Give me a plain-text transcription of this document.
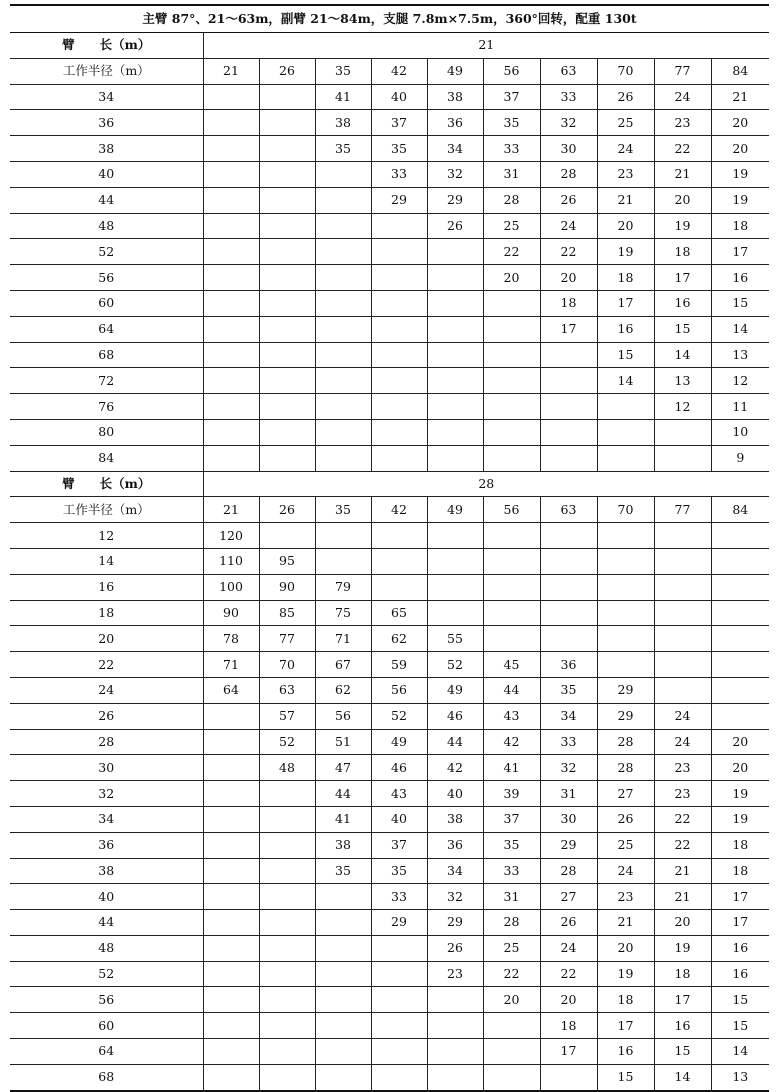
主臂 87°、21～63m，副臂 21～84m，支腿 7.8m×7.5m，360°回转，配重 130t										
臂　　长（m）	21									
工作半径（m）	21	26	35	42	49	56	63	70	77	84
34			41	40	38	37	33	26	24	21
36			38	37	36	35	32	25	23	20
38			35	35	34	33	30	24	22	20
40				33	32	31	28	23	21	19
44				29	29	28	26	21	20	19
48					26	25	24	20	19	18
52						22	22	19	18	17
56						20	20	18	17	16
60							18	17	16	15
64							17	16	15	14
68								15	14	13
72								14	13	12
76									12	11
80										10
84										9
臂　　长（m）	28									
工作半径（m）	21	26	35	42	49	56	63	70	77	84
12	120									
14	110	95								
16	100	90	79							
18	90	85	75	65						
20	78	77	71	62	55					
22	71	70	67	59	52	45	36			
24	64	63	62	56	49	44	35	29		
26		57	56	52	46	43	34	29	24	
28		52	51	49	44	42	33	28	24	20
30		48	47	46	42	41	32	28	23	20
32			44	43	40	39	31	27	23	19
34			41	40	38	37	30	26	22	19
36			38	37	36	35	29	25	22	18
38			35	35	34	33	28	24	21	18
40				33	32	31	27	23	21	17
44				29	29	28	26	21	20	17
48					26	25	24	20	19	16
52					23	22	22	19	18	16
56						20	20	18	17	15
60							18	17	16	15
64							17	16	15	14
68								15	14	13
